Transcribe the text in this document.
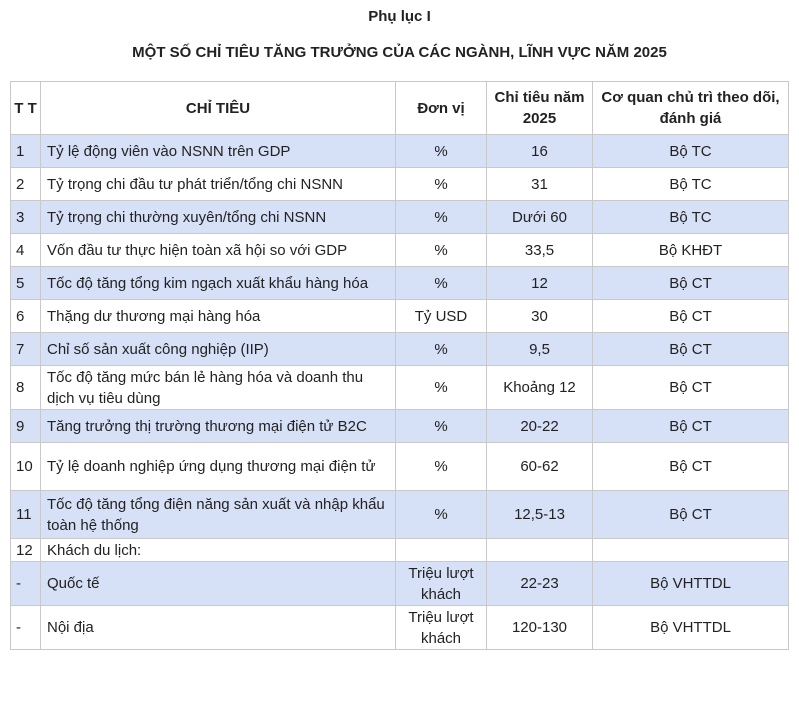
Phụ lục I
MỘT SỐ CHỈ TIÊU TĂNG TRƯỞNG CỦA CÁC NGÀNH, LĨNH VỰC NĂM 2025
T T	CHỈ TIÊU	Đơn vị	Chỉ tiêu năm 2025	Cơ quan chủ trì theo dõi, đánh giá
1	Tỷ lệ động viên vào NSNN trên GDP	%	16	Bộ TC
2	Tỷ trọng chi đầu tư phát triển/tổng chi NSNN	%	31	Bộ TC
3	Tỷ trọng chi thường xuyên/tổng chi NSNN	%	Dưới 60	Bộ TC
4	Vốn đầu tư thực hiện toàn xã hội so với GDP	%	33,5	Bộ KHĐT
5	Tốc độ tăng tổng kim ngạch xuất khẩu hàng hóa	%	12	Bộ CT
6	Thặng dư thương mại hàng hóa	Tỷ USD	30	Bộ CT
7	Chỉ số sản xuất công nghiệp (IIP)	%	9,5	Bộ CT
8	Tốc độ tăng mức bán lẻ hàng hóa và doanh thu dịch vụ tiêu dùng	%	Khoảng 12	Bộ CT
9	Tăng trưởng thị trường thương mại điện tử B2C	%	20-22	Bộ CT
10	Tỷ lệ doanh nghiệp ứng dụng thương mại điện tử	%	60-62	Bộ CT
11	Tốc độ tăng tổng điện năng sản xuất và nhập khẩu toàn hệ thống	%	12,5-13	Bộ CT
12	Khách du lịch:			
-	Quốc tế	Triệu lượt khách	22-23	Bộ VHTTDL
-	Nội địa	Triệu lượt khách	120-130	Bộ VHTTDL
